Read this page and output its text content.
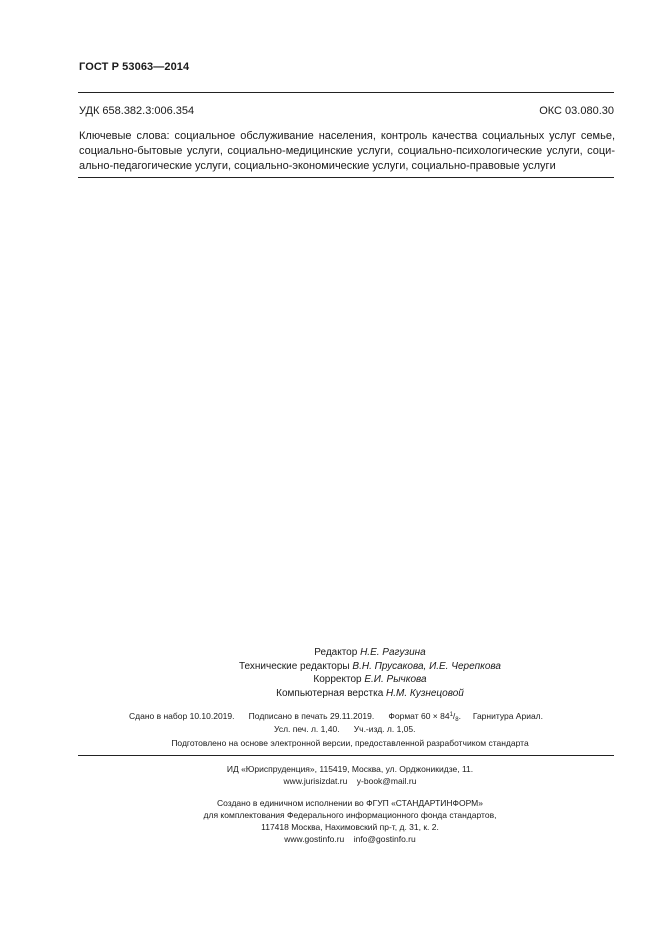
ГОСТ Р 53063—2014
УДК 658.382.3:006.354	ОКС 03.080.30
Ключевые слова: социальное обслуживание населения, контроль качества социальных услуг семье,
социально-бытовые услуги, социально-медицинские услуги, социально-психологические услуги, соци-
ально-педагогические услуги, социально-экономические услуги, социально-правовые услуги
Редактор Н.Е. Рагузина
Технические редакторы В.Н. Прусакова, И.Е. Черепкова
Корректор Е.И. Рычкова
Компьютерная верстка Н.М. Кузнецовой
Сдано в набор 10.10.2019. Подписано в печать 29.11.2019. Формат $60 \times 84^1/_8$. Гарнитура Ариал.
Усл. печ. л. 1,40. Уч.-изд. л. 1,05.
Подготовлено на основе электронной версии, предоставленной разработчиком стандарта
ИД «Юриспруденция», 115419, Москва, ул. Орджоникидзе, 11.
www.jurisizdat.ru y-book@mail.ru
Создано в единичном исполнении во ФГУП «СТАНДАРТИНФОРМ»
для комплектования Федерального информационного фонда стандартов,
117418 Москва, Нахимовский пр-т, д. 31, к. 2.
www.gostinfo.ru info@gostinfo.ru
